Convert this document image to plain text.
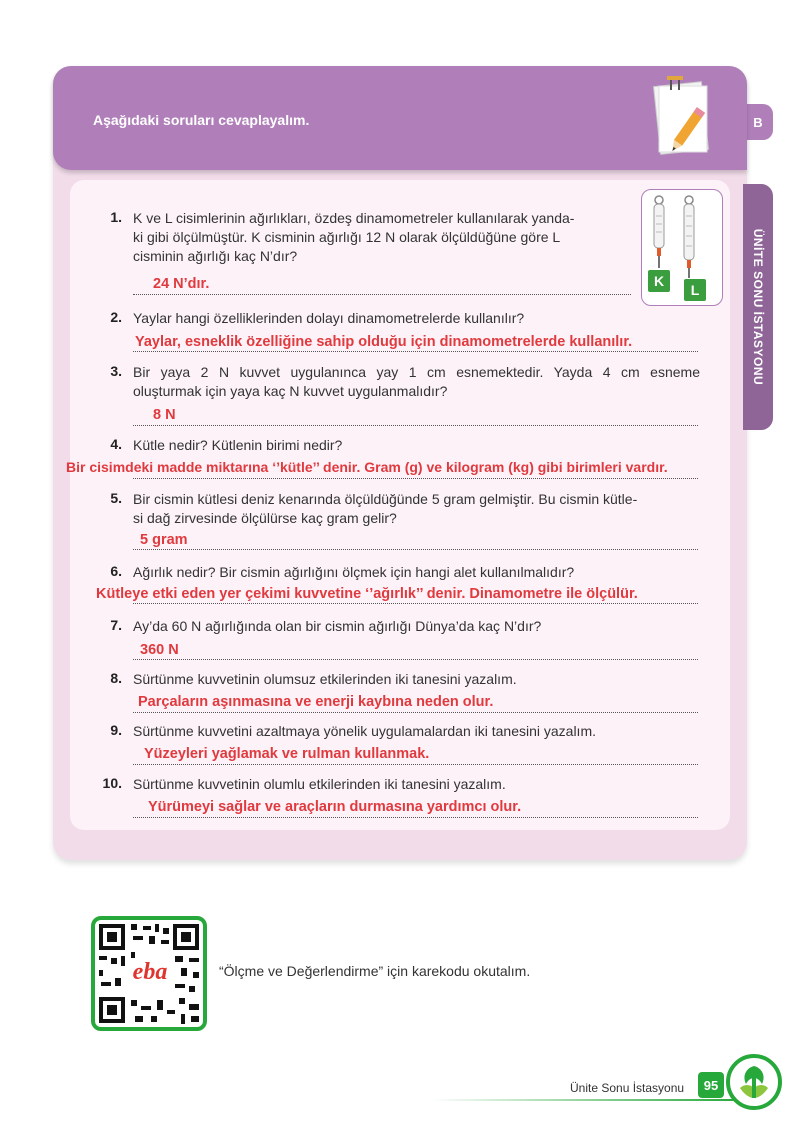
B
ÜNİTE SONU İSTASYONU
Aşağıdaki soruları cevaplayalım.
K
L
1. K ve L cisimlerinin ağırlıkları, özdeş dinamometreler kullanılarak yanda-
ki gibi ölçülmüştür. K cisminin ağırlığı 12 N olarak ölçüldüğüne göre L
cisminin ağırlığı kaç N’dır?
24 N’dır.
2. Yaylar hangi özelliklerinden dolayı dinamometrelerde kullanılır?
Yaylar, esneklik özelliğine sahip olduğu için dinamometrelerde kullanılır.
3. Bir yaya 2 N kuvvet uygulanınca yay 1 cm esnemektedir. Yayda 4 cm esneme
oluşturmak için yaya kaç N kuvvet uygulanmalıdır?
8 N
4. Kütle nedir? Kütlenin birimi nedir?
Bir cisimdeki madde miktarına ‘’kütle’’ denir. Gram (g) ve kilogram (kg) gibi birimleri vardır.
5. Bir cismin kütlesi deniz kenarında ölçüldüğünde 5 gram gelmiştir. Bu cismin kütle-
si dağ zirvesinde ölçülürse kaç gram gelir?
5 gram
6. Ağırlık nedir? Bir cismin ağırlığını ölçmek için hangi alet kullanılmalıdır?
Kütleye etki eden yer çekimi kuvvetine ‘’ağırlık’’ denir. Dinamometre ile ölçülür.
7. Ay’da 60 N ağırlığında olan bir cismin ağırlığı Dünya’da kaç N’dır?
360 N
8. Sürtünme kuvvetinin olumsuz etkilerinden iki tanesini yazalım.
Parçaların aşınmasına ve enerji kaybına neden olur.
9. Sürtünme kuvvetini azaltmaya yönelik uygulamalardan iki tanesini yazalım.
Yüzeyleri yağlamak ve rulman kullanmak.
10. Sürtünme kuvvetinin olumlu etkilerinden iki tanesini yazalım.
Yürümeyi sağlar ve araçların durmasına yardımcı olur.
eba	“Ölçme ve Değerlendirme” için karekodu okutalım.
Ünite Sonu İstasyonu	95
